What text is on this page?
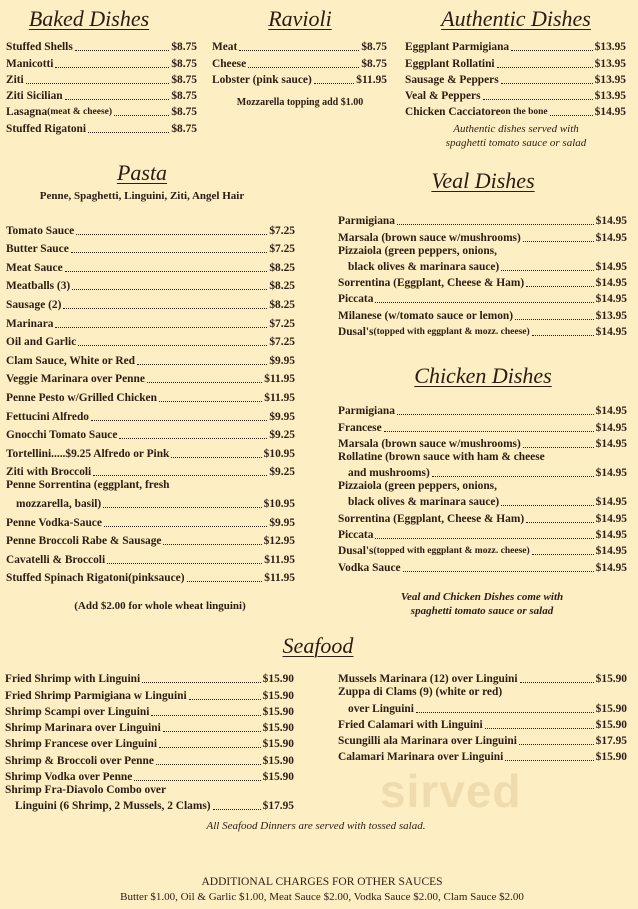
sirved
Baked Dishes
Stuffed Shells	$8.75
Manicotti	$8.75
Ziti	$8.75
Ziti Sicilian	$8.75
Lasagna (meat & cheese)	$8.75
Stuffed Rigatoni	$8.75
Ravioli
Meat	$8.75
Cheese	$8.75
Lobster (pink sauce)	$11.95
Mozzarella topping add $1.00
Authentic Dishes
Eggplant Parmigiana	$13.95
Eggplant Rollatini	$13.95
Sausage & Peppers	$13.95
Veal & Peppers	$13.95
Chicken Cacciatore on the bone	$14.95
Authentic dishes served with
spaghetti tomato sauce or salad
Pasta
Penne, Spaghetti, Linguini, Ziti, Angel Hair
Tomato Sauce	$7.25
Butter Sauce	$7.25
Meat Sauce	$8.25
Meatballs (3)	$8.25
Sausage (2)	$8.25
Marinara	$7.25
Oil and Garlic	$7.25
Clam Sauce, White or Red	$9.95
Veggie Marinara over Penne	$11.95
Penne Pesto w/Grilled Chicken	$11.95
Fettucini Alfredo	$9.95
Gnocchi Tomato Sauce	$9.25
Tortellini.....$9.25 Alfredo or Pink	$10.95
Ziti with Broccoli	$9.25
Penne Sorrentina (eggplant, fresh
mozzarella, basil)	$10.95
Penne Vodka-Sauce	$9.95
Penne Broccoli Rabe & Sausage	$12.95
Cavatelli & Broccoli	$11.95
Stuffed Spinach Rigatoni(pinksauce)	$11.95
(Add $2.00 for whole wheat linguini)
Veal Dishes
Parmigiana	$14.95
Marsala (brown sauce w/mushrooms)	$14.95
Pizzaiola (green peppers, onions,
black olives & marinara sauce)	$14.95
Sorrentina (Eggplant, Cheese & Ham)	$14.95
Piccata	$14.95
Milanese (w/tomato sauce or lemon)	$13.95
Dusal's (topped with eggplant & mozz. cheese)	$14.95
Chicken Dishes
Parmigiana	$14.95
Francese	$14.95
Marsala (brown sauce w/mushrooms)	$14.95
Rollatine (brown sauce with ham & cheese
and mushrooms)	$14.95
Pizzaiola (green peppers, onions,
black olives & marinara sauce)	$14.95
Sorrentina (Eggplant, Cheese & Ham)	$14.95
Piccata	$14.95
Dusal's (topped with eggplant & mozz. cheese)	$14.95
Vodka Sauce	$14.95
Veal and Chicken Dishes come with
spaghetti tomato sauce or salad
Seafood
Fried Shrimp with Linguini	$15.90
Fried Shrimp Parmigiana w Linguini	$15.90
Shrimp Scampi over Linguini	$15.90
Shrimp Marinara over Linguini	$15.90
Shrimp Francese over Linguini	$15.90
Shrimp & Broccoli over Penne	$15.90
Shrimp Vodka over Penne	$15.90
Shrimp Fra-Diavolo Combo over
Linguini (6 Shrimp, 2 Mussels, 2 Clams)	$17.95
Mussels Marinara (12) over Linguini	$15.90
Zuppa di Clams (9) (white or red)
over Linguini	$15.90
Fried Calamari with Linguini	$15.90
Scungilli ala Marinara over Linguini	$17.95
Calamari Marinara over Linguini	$15.90
All Seafood Dinners are served with tossed salad.
ADDITIONAL CHARGES FOR OTHER SAUCES
Butter $1.00, Oil & Garlic $1.00, Meat Sauce $2.00, Vodka Sauce $2.00, Clam Sauce $2.00
